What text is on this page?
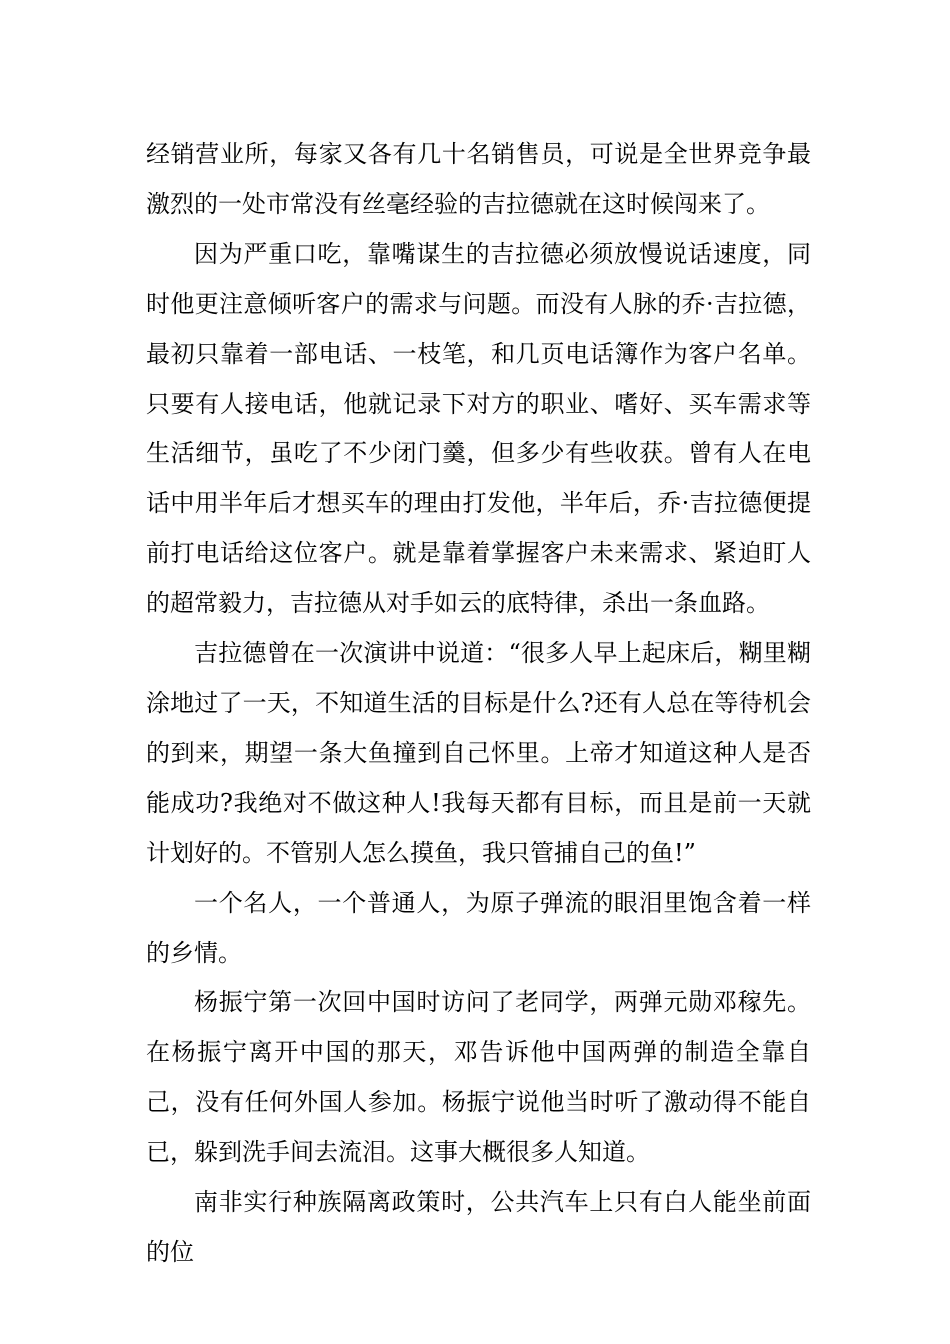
经销营业所，每家又各有几十名销售员，可说是全世界竞争最激烈的一处市常没有丝毫经验的吉拉德就在这时候闯来了。

因为严重口吃，靠嘴谋生的吉拉德必须放慢说话速度，同时他更注意倾听客户的需求与问题。而没有人脉的乔·吉拉德，最初只靠着一部电话、一枝笔，和几页电话簿作为客户名单。只要有人接电话，他就记录下对方的职业、嗜好、买车需求等生活细节，虽吃了不少闭门羹，但多少有些收获。曾有人在电话中用半年后才想买车的理由打发他，半年后，乔·吉拉德便提前打电话给这位客户。就是靠着掌握客户未来需求、紧迫盯人的超常毅力，吉拉德从对手如云的底特律，杀出一条血路。

吉拉德曾在一次演讲中说道：“很多人早上起床后，糊里糊涂地过了一天，不知道生活的目标是什么?还有人总在等待机会的到来，期望一条大鱼撞到自己怀里。上帝才知道这种人是否能成功?我绝对不做这种人!我每天都有目标，而且是前一天就计划好的。不管别人怎么摸鱼，我只管捕自己的鱼!”

一个名人，一个普通人，为原子弹流的眼泪里饱含着一样的乡情。

杨振宁第一次回中国时访问了老同学，两弹元勋邓稼先。在杨振宁离开中国的那天，邓告诉他中国两弹的制造全靠自己，没有任何外国人参加。杨振宁说他当时听了激动得不能自已，躲到洗手间去流泪。这事大概很多人知道。

南非实行种族隔离政策时，公共汽车上只有白人能坐前面的位
